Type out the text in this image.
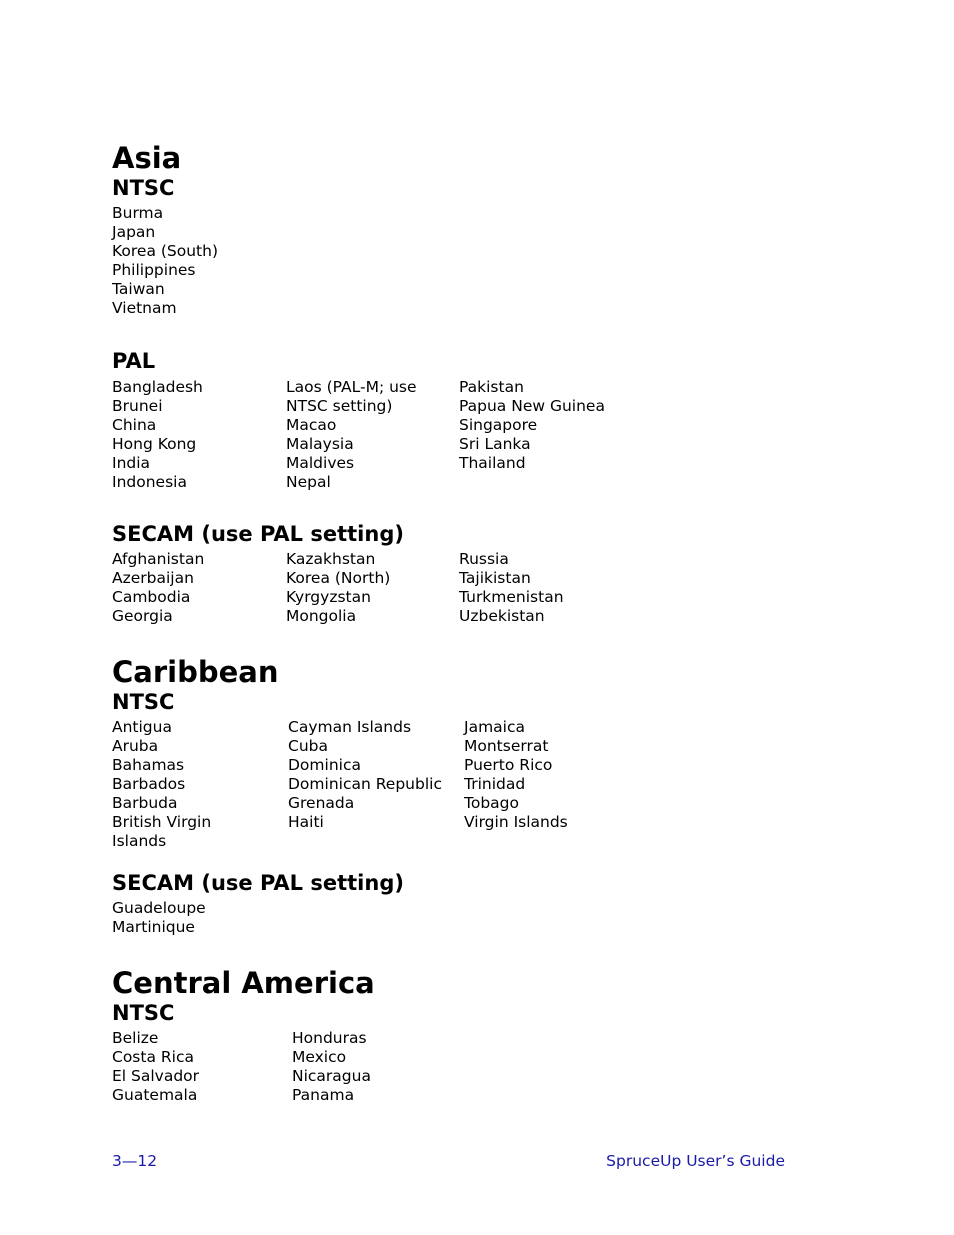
Asia
NTSC
Burma
Japan
Korea (South)
Philippines
Taiwan
Vietnam
PAL
Bangladesh
Brunei
China
Hong Kong
India
Indonesia
Laos (PAL-M; use
NTSC setting)
Macao
Malaysia
Maldives
Nepal
Pakistan
Papua New Guinea
Singapore
Sri Lanka
Thailand
SECAM (use PAL setting)
Afghanistan
Azerbaijan
Cambodia
Georgia
Kazakhstan
Korea (North)
Kyrgyzstan
Mongolia
Russia
Tajikistan
Turkmenistan
Uzbekistan
Caribbean
NTSC
Antigua
Aruba
Bahamas
Barbados
Barbuda
British Virgin
Islands
Cayman Islands
Cuba
Dominica
Dominican Republic
Grenada
Haiti
Jamaica
Montserrat
Puerto Rico
Trinidad
Tobago
Virgin Islands
SECAM (use PAL setting)
Guadeloupe
Martinique
Central America
NTSC
Belize
Costa Rica
El Salvador
Guatemala
Honduras
Mexico
Nicaragua
Panama
3—12	SpruceUp User’s Guide
